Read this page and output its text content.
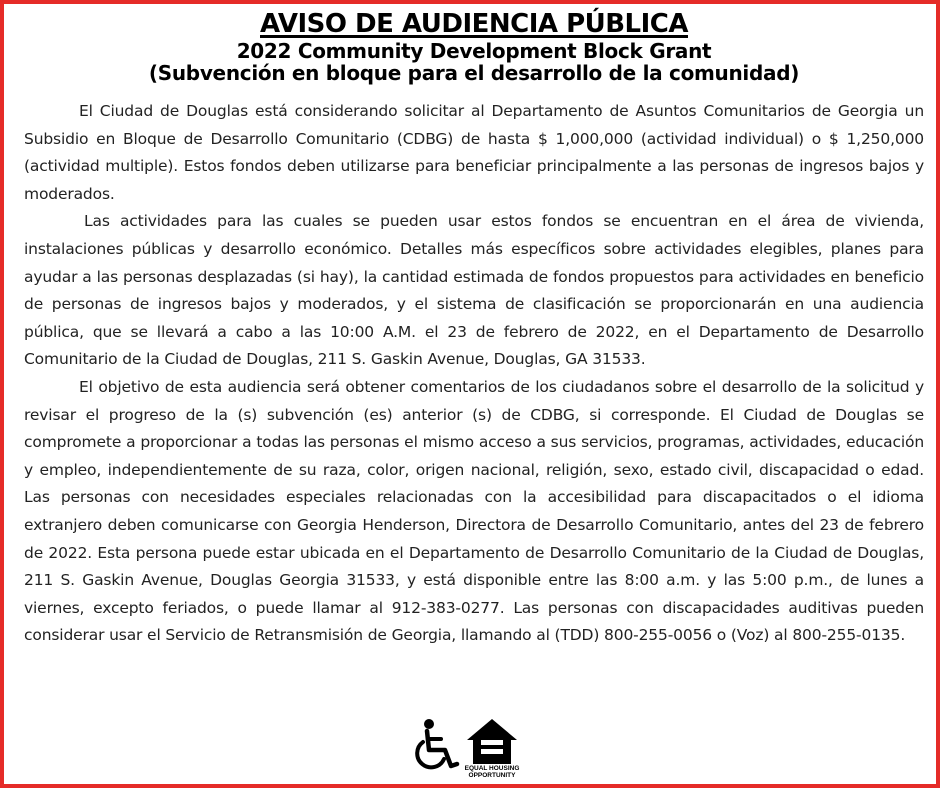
AVISO DE AUDIENCIA PÚBLICA
2022 Community Development Block Grant
(Subvención en bloque para el desarrollo de la comunidad)

El Ciudad de Douglas está considerando solicitar al Departamento de Asuntos Comunitarios de Georgia un Subsidio en Bloque de Desarrollo Comunitario (CDBG) de hasta $ 1,000,000 (actividad individual) o $ 1,250,000 (actividad multiple). Estos fondos deben utilizarse para beneficiar principalmente a las personas de ingresos bajos y moderados.

Las actividades para las cuales se pueden usar estos fondos se encuentran en el área de vivienda, instalaciones públicas y desarrollo económico. Detalles más específicos sobre actividades elegibles, planes para ayudar a las personas desplazadas (si hay), la cantidad estimada de fondos propuestos para actividades en beneficio de personas de ingresos bajos y moderados, y el sistema de clasificación se proporcionarán en una audiencia pública, que se llevará a cabo a las 10:00 A.M. el 23 de febrero de 2022, en el Departamento de Desarrollo Comunitario de la Ciudad de Douglas, 211 S. Gaskin Avenue, Douglas, GA 31533.

El objetivo de esta audiencia será obtener comentarios de los ciudadanos sobre el desarrollo de la solicitud y revisar el progreso de la (s) subvención (es) anterior (s) de CDBG, si corresponde. El Ciudad de Douglas se compromete a proporcionar a todas las personas el mismo acceso a sus servicios, programas, actividades, educación y empleo, independientemente de su raza, color, origen nacional, religión, sexo, estado civil, discapacidad o edad. Las personas con necesidades especiales relacionadas con la accesibilidad para discapacitados o el idioma extranjero deben comunicarse con Georgia Henderson, Directora de Desarrollo Comunitario, antes del 23 de febrero de 2022. Esta persona puede estar ubicada en el Departamento de Desarrollo Comunitario de la Ciudad de Douglas, 211 S. Gaskin Avenue, Douglas Georgia 31533, y está disponible entre las 8:00 a.m. y las 5:00 p.m., de lunes a viernes, excepto feriados, o puede llamar al 912-383-0277. Las personas con discapacidades auditivas pueden considerar usar el Servicio de Retransmisión de Georgia, llamando al (TDD) 800-255-0056 o (Voz) al 800-255-0135.

EQUAL HOUSING
OPPORTUNITY
